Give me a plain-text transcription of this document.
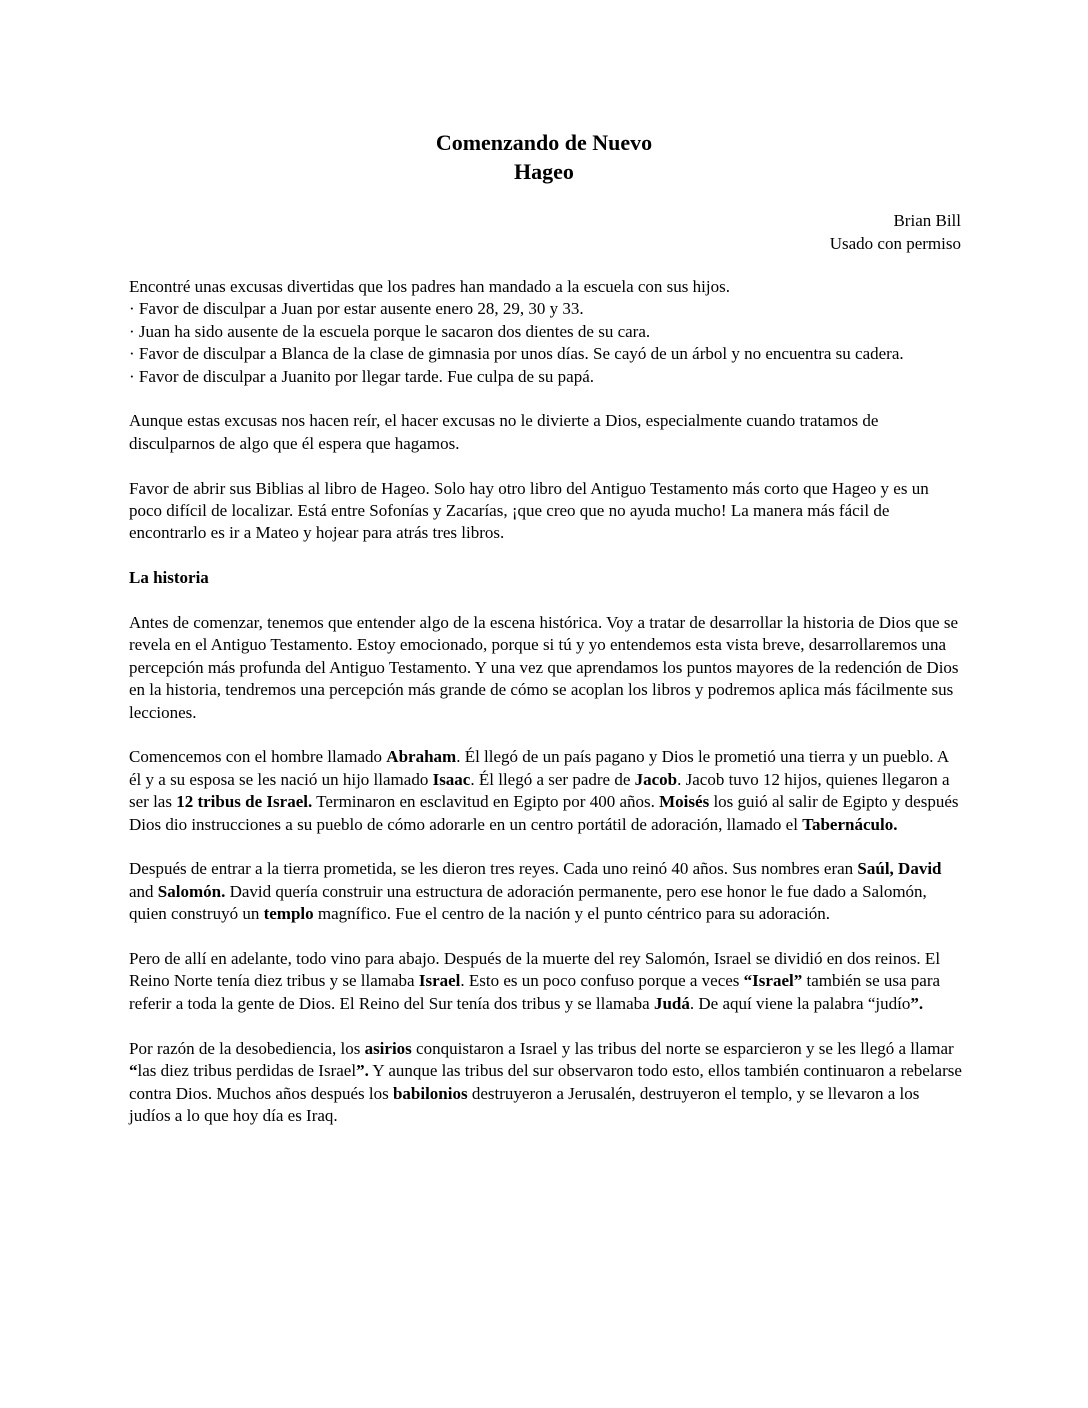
Comenzando de Nuevo
Hageo
Brian Bill
Usado con permiso

Encontré unas excusas divertidas que los padres han mandado a la escuela con sus hijos.

· Favor de disculpar a Juan por estar ausente enero 28, 29, 30 y 33.

· Juan ha sido ausente de la escuela porque le sacaron dos dientes de su cara.

· Favor de disculpar a Blanca de la clase de gimnasia por unos días. Se cayó de un árbol y no encuentra su cadera.

· Favor de disculpar a Juanito por llegar tarde. Fue culpa de su papá.

Aunque estas excusas nos hacen reír, el hacer excusas no le divierte a Dios, especialmente cuando tratamos de disculparnos de algo que él espera que hagamos.

Favor de abrir sus Biblias al libro de Hageo. Solo hay otro libro del Antiguo Testamento más corto que Hageo y es un poco difícil de localizar. Está entre Sofonías y Zacarías, ¡que creo que no ayuda mucho! La manera más fácil de encontrarlo es ir a Mateo y hojear para atrás tres libros.

La historia

Antes de comenzar, tenemos que entender algo de la escena histórica. Voy a tratar de desarrollar la historia de Dios que se revela en el Antiguo Testamento. Estoy emocionado, porque si tú y yo entendemos esta vista breve, desarrollaremos una percepción más profunda del Antiguo Testamento. Y una vez que aprendamos los puntos mayores de la redención de Dios en la historia, tendremos una percepción más grande de cómo se acoplan los libros y podremos aplica más fácilmente sus lecciones.

Comencemos con el hombre llamado Abraham. Él llegó de un país pagano y Dios le prometió una tierra y un pueblo. A él y a su esposa se les nació un hijo llamado Isaac. Él llegó a ser padre de Jacob. Jacob tuvo 12 hijos, quienes llegaron a ser las 12 tribus de Israel. Terminaron en esclavitud en Egipto por 400 años. Moisés los guió al salir de Egipto y después Dios dio instrucciones a su pueblo de cómo adorarle en un centro portátil de adoración, llamado el Tabernáculo.

Después de entrar a la tierra prometida, se les dieron tres reyes. Cada uno reinó 40 años. Sus nombres eran Saúl, David and Salomón. David quería construir una estructura de adoración permanente, pero ese honor le fue dado a Salomón, quien construyó un templo magnífico. Fue el centro de la nación y el punto céntrico para su adoración.

Pero de allí en adelante, todo vino para abajo. Después de la muerte del rey Salomón, Israel se dividió en dos reinos. El Reino Norte tenía diez tribus y se llamaba Israel. Esto es un poco confuso porque a veces “Israel” también se usa para referir a toda la gente de Dios. El Reino del Sur tenía dos tribus y se llamaba Judá. De aquí viene la palabra “judío”.

Por razón de la desobediencia, los asirios conquistaron a Israel y las tribus del norte se esparcieron y se les llegó a llamar “las diez tribus perdidas de Israel”. Y aunque las tribus del sur observaron todo esto, ellos también continuaron a rebelarse contra Dios. Muchos años después los babilonios destruyeron a Jerusalén, destruyeron el templo, y se llevaron a los judíos a lo que hoy día es Iraq.
